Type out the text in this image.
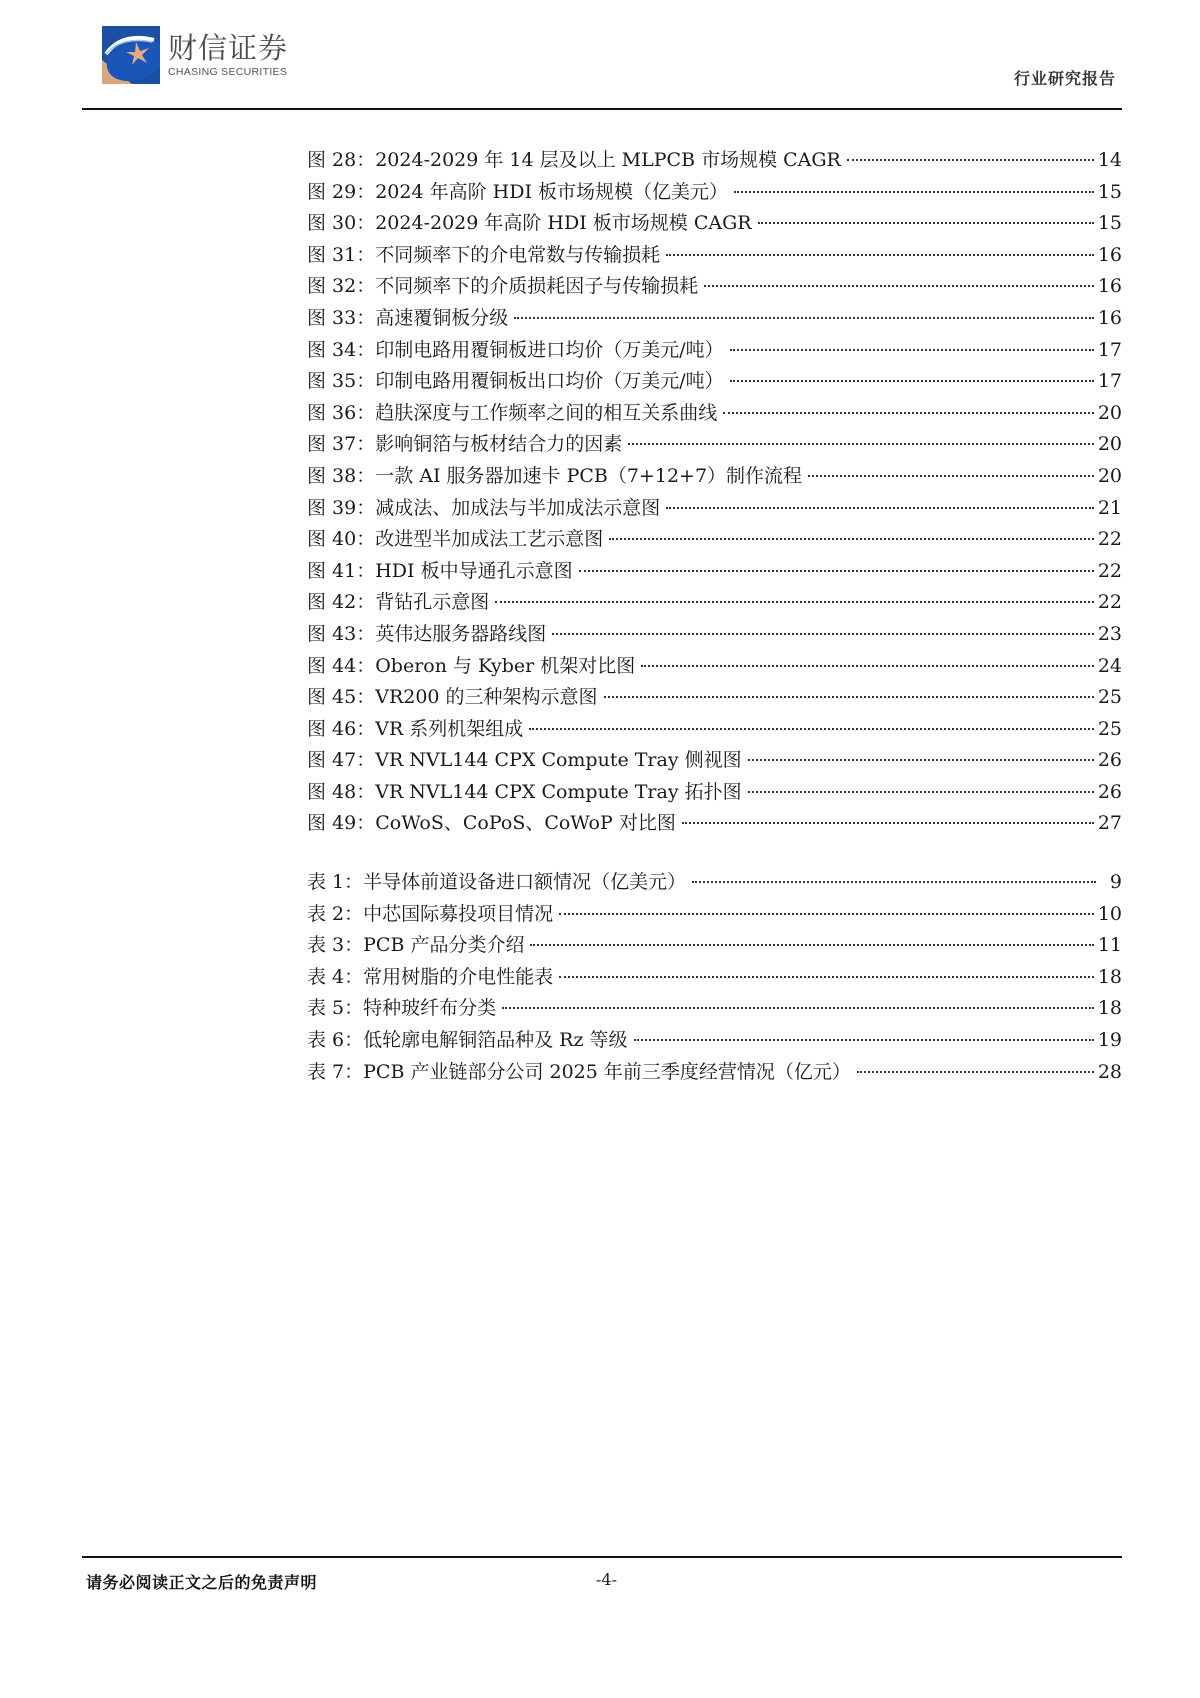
财信证券
CHASING SECURITIES	行业研究报告
图 28： 2024-2029 年 14 层及以上 MLPCB 市场规模 CAGR	14
图 29： 2024 年高阶 HDI 板市场规模（亿美元）	15
图 30： 2024-2029 年高阶 HDI 板市场规模 CAGR	15
图 31： 不同频率下的介电常数与传输损耗	16
图 32： 不同频率下的介质损耗因子与传输损耗	16
图 33： 高速覆铜板分级	16
图 34： 印制电路用覆铜板进口均价（万美元/吨）	17
图 35： 印制电路用覆铜板出口均价（万美元/吨）	17
图 36： 趋肤深度与工作频率之间的相互关系曲线	20
图 37： 影响铜箔与板材结合力的因素	20
图 38： 一款 AI 服务器加速卡 PCB（7+12+7）制作流程	20
图 39： 减成法、加成法与半加成法示意图	21
图 40： 改进型半加成法工艺示意图	22
图 41： HDI 板中导通孔示意图	22
图 42： 背钻孔示意图	22
图 43： 英伟达服务器路线图	23
图 44： Oberon 与 Kyber 机架对比图	24
图 45： VR200 的三种架构示意图	25
图 46： VR 系列机架组成	25
图 47： VR NVL144 CPX Compute Tray 侧视图	26
图 48： VR NVL144 CPX Compute Tray 拓扑图	26
图 49： CoWoS、CoPoS、CoWoP 对比图	27
表 1： 半导体前道设备进口额情况（亿美元）	9
表 2： 中芯国际募投项目情况	10
表 3： PCB 产品分类介绍	11
表 4： 常用树脂的介电性能表	18
表 5： 特种玻纤布分类	18
表 6： 低轮廓电解铜箔品种及 Rz 等级	19
表 7： PCB 产业链部分公司 2025 年前三季度经营情况（亿元）	28
请务必阅读正文之后的免责声明	-4-
